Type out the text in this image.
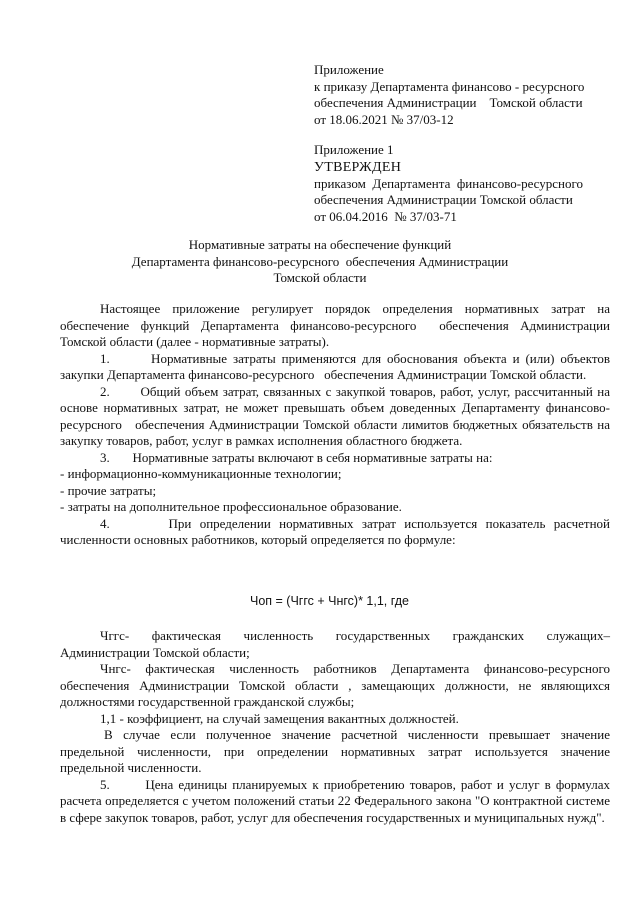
Приложение
к приказу Департамента финансово - ресурсного
обеспечения Администрации    Томской области
от 18.06.2021 № 37/03-12
Приложение 1
УТВЕРЖДЕН
приказом  Департамента  финансово-ресурсного
обеспечения Администрации Томской области
от 06.04.2016  № 37/03-71
Нормативные затраты на обеспечение функций
Департамента финансово-ресурсного  обеспечения Администрации
Томской области

Настоящее приложение регулирует порядок определения нормативных затрат на обеспечение функций Департамента финансово-ресурсного  обеспечения Администрации Томской области (далее - нормативные затраты).

1.       Нормативные затраты применяются для обоснования объекта и (или) объектов закупки Департамента финансово-ресурсного   обеспечения Администрации Томской области.

2.       Общий объем затрат, связанных с закупкой товаров, работ, услуг, рассчитанный на основе нормативных затрат, не может превышать объем доведенных Департаменту финансово-ресурсного   обеспечения Администрации Томской области лимитов бюджетных обязательств на закупку товаров, работ, услуг в рамках исполнения областного бюджета.

3.       Нормативные затраты включают в себя нормативные затраты на:

- информационно-коммуникационные технологии;

- прочие затраты;

- затраты на дополнительное профессиональное образование.

4.       При определении нормативных затрат используется показатель расчетной численности основных работников, который определяется по формуле:

Чоп = (Чггс + Чнгс)* 1,1, где

Чггс-   фактическая   численность   государственных   гражданских   служащих– Администрации Томской области;

Чнгс- фактическая численность работников Департамента финансово-ресурсного обеспечения Администрации Томской области , замещающих должности, не являющихся должностями государственной гражданской службы;

1,1 - коэффициент, на случай замещения вакантных должностей.

В случае если полученное значение расчетной численности превышает значение предельной численности, при определении нормативных затрат используется значение предельной численности.

5.       Цена единицы планируемых к приобретению товаров, работ и услуг в формулах расчета определяется с учетом положений статьи 22 Федерального закона "О контрактной системе в сфере закупок товаров, работ, услуг для обеспечения государственных и муниципальных нужд".
